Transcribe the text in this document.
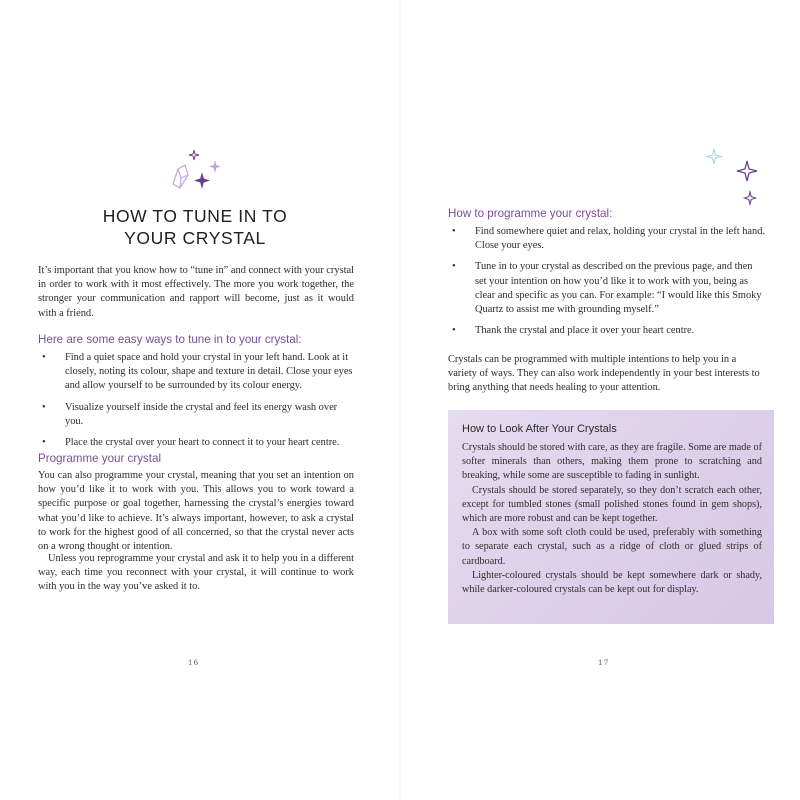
HOW TO TUNE IN TO
YOUR CRYSTAL
It’s important that you know how to “tune in” and connect with your crystal in order to work with it most effectively. The more you work together, the stronger your communication and rapport will become, just as it would with a friend.
Here are some easy ways to tune in to your crystal:
• Find a quiet space and hold your crystal in your left hand. Look at it closely, noting its colour, shape and texture in detail. Close your eyes and allow yourself to be surrounded by its colour energy.
• Visualize yourself inside the crystal and feel its energy wash over you.
• Place the crystal over your heart to connect it to your heart centre.
Programme your crystal
You can also programme your crystal, meaning that you set an intention on how you’d like it to work with you. This allows you to work toward a specific purpose or goal together, harnessing the crystal’s energies toward what you’d like to achieve. It’s always important, however, to ask a crystal to work for the highest good of all concerned, so that the crystal never acts on a wrong thought or intention.
Unless you reprogramme your crystal and ask it to help you in a different way, each time you reconnect with your crystal, it will continue to work with you in the way you’ve asked it to.
16
How to programme your crystal:
• Find somewhere quiet and relax, holding your crystal in the left hand. Close your eyes.
• Tune in to your crystal as described on the previous page, and then set your intention on how you’d like it to work with you, being as clear and specific as you can. For example: “I would like this Smoky Quartz to assist me with grounding myself.”
• Thank the crystal and place it over your heart centre.
Crystals can be programmed with multiple intentions to help you in a variety of ways. They can also work independently in your best interests to bring anything that needs healing to your attention.
17
How to Look After Your Crystals

Crystals should be stored with care, as they are fragile. Some are made of softer minerals than others, making them prone to scratching and breaking, while some are susceptible to fading in sunlight.

Crystals should be stored separately, so they don’t scratch each other, except for tumbled stones (small polished stones found in gem shops), which are more robust and can be kept together.

A box with some soft cloth could be used, preferably with something to separate each crystal, such as a ridge of cloth or glued strips of cardboard.

Lighter-coloured crystals should be kept somewhere dark or shady, while darker-coloured crystals can be kept out for display.
